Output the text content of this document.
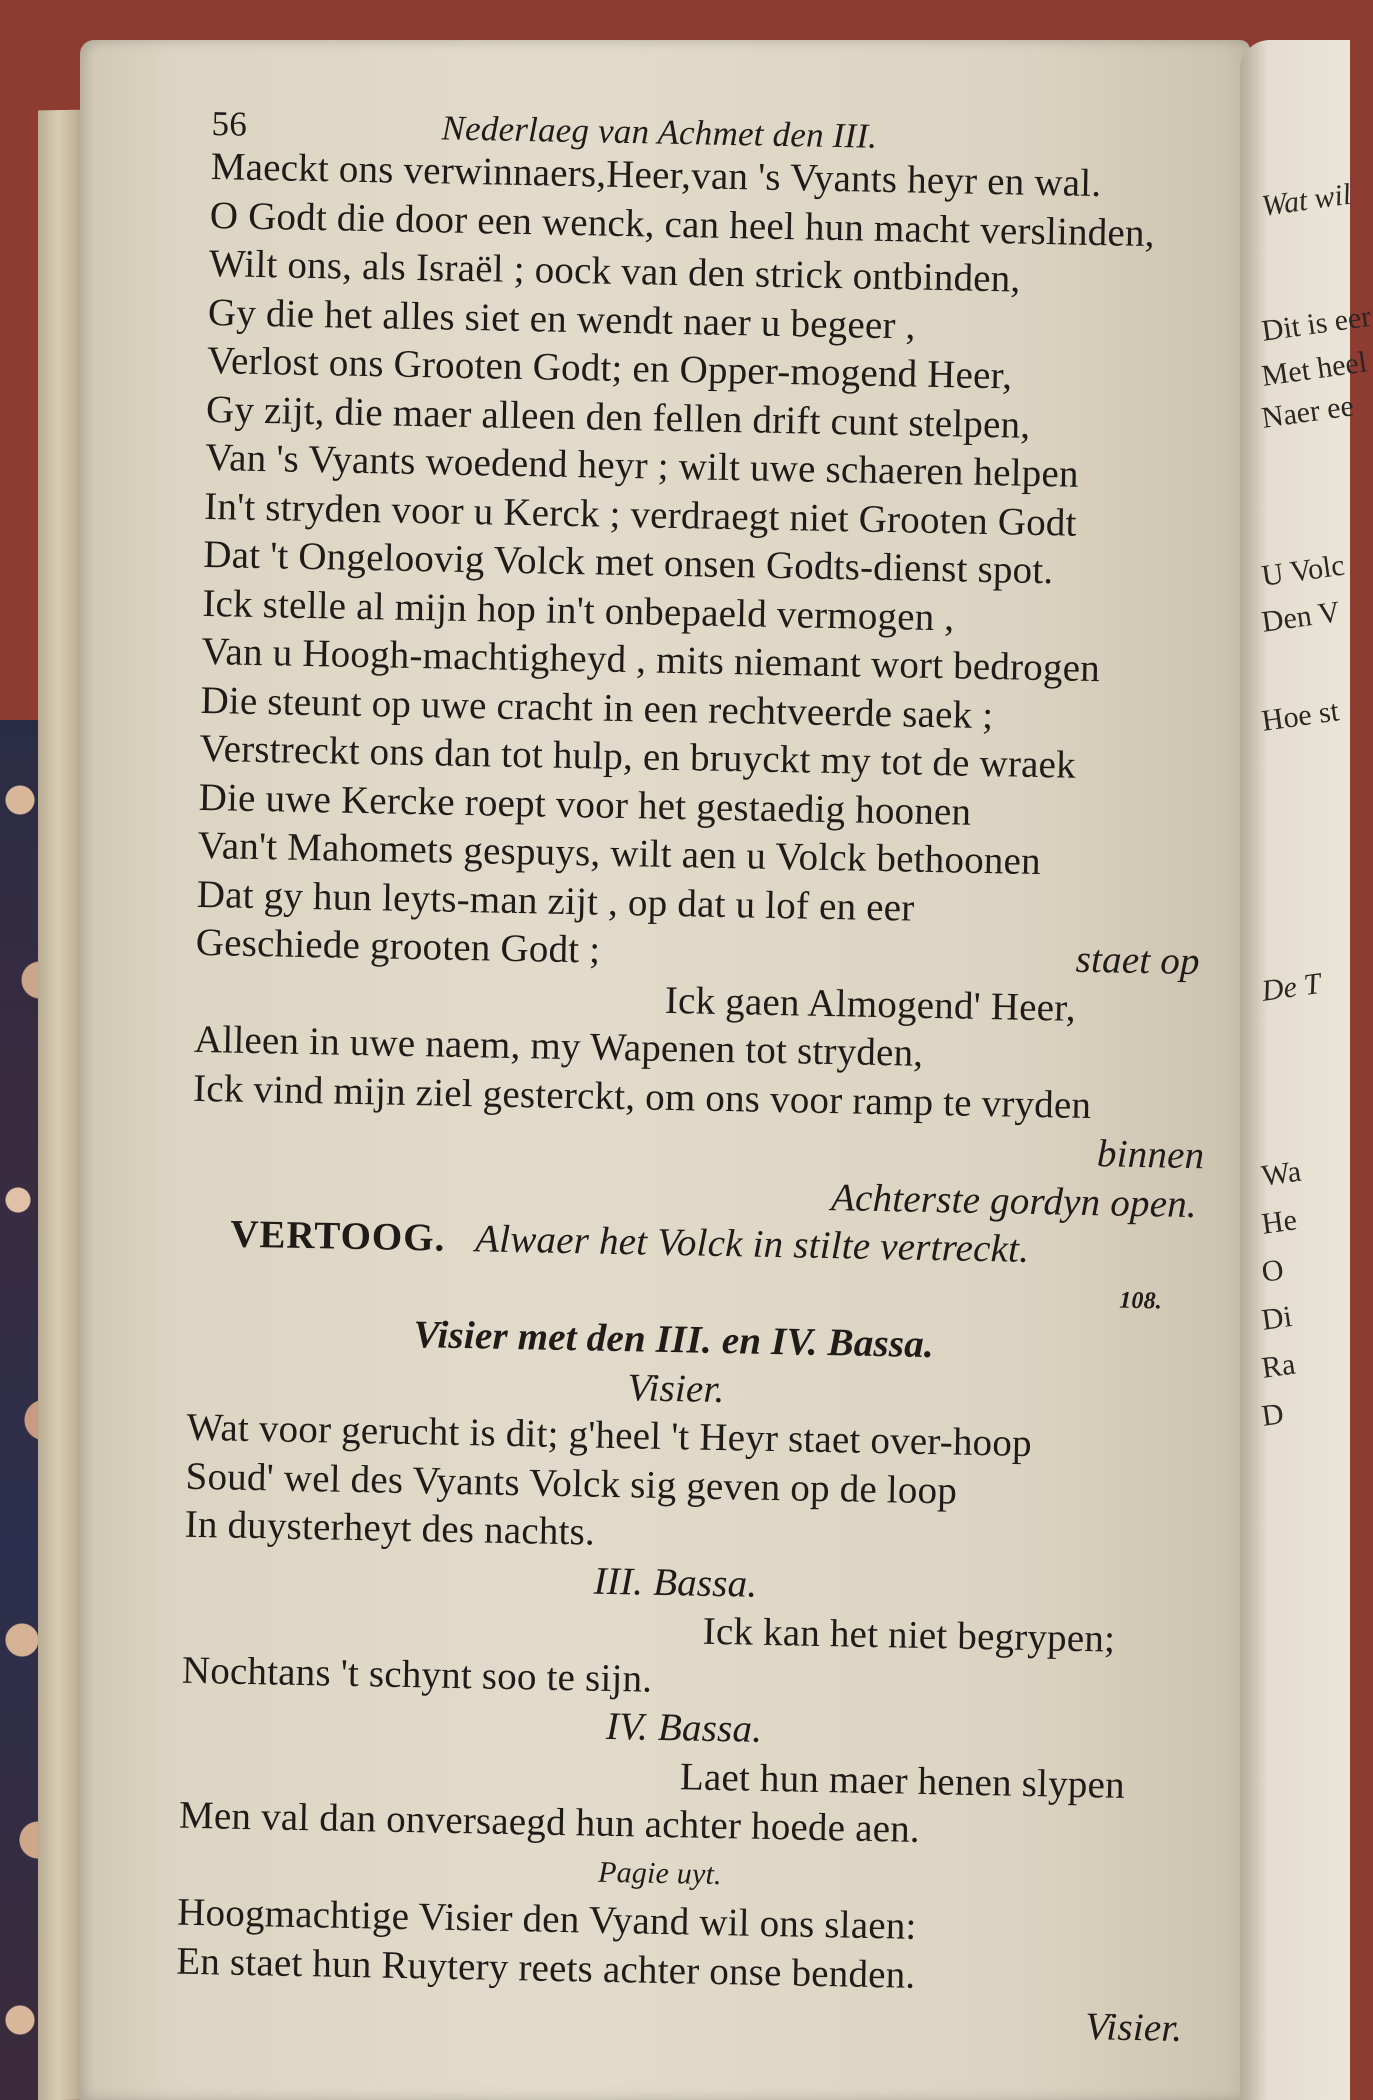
Wat wil
Dit is eer
Met heel
Naer ee
U Volc
Den V
Hoe st
De T
Wa
He
O
Di
Ra
D
56	Nederlaeg van Achmet den III.
Maeckt ons verwinnaers,Heer,van 's Vyants heyr en wal.
O Godt die door een wenck, can heel hun macht verslinden,
Wilt ons, als Israël ; oock van den strick ontbinden,
Gy die het alles siet en wendt naer u begeer ,
Verlost ons Grooten Godt; en Opper-mogend Heer,
Gy zijt, die maer alleen den fellen drift cunt stelpen,
Van 's Vyants woedend heyr ; wilt uwe schaeren helpen
In't stryden voor u Kerck ; verdraegt niet Grooten Godt
Dat 't Ongeloovig Volck met onsen Godts-dienst spot.
Ick stelle al mijn hop in't onbepaeld vermogen ,
Van u Hoogh-machtigheyd , mits niemant wort bedrogen
Die steunt op uwe cracht in een rechtveerde saek ;
Verstreckt ons dan tot hulp, en bruyckt my tot de wraek
Die uwe Kercke roept voor het gestaedig hoonen
Van't Mahomets gespuys, wilt aen u Volck bethoonen
Dat gy hun leyts-man zijt , op dat u lof en eer
Geschiede grooten Godt ;	staet op
Ick gaen Almogend' Heer,
Alleen in uwe naem, my Wapenen tot stryden,
Ick vind mijn ziel gesterckt, om ons voor ramp te vryden
binnen
Achterste gordyn open.
VERTOOG. Alwaer het Volck in stilte vertreckt.
108.
Visier met den III. en IV. Bassa.
Visier.
Wat voor gerucht is dit; g'heel 't Heyr staet over-hoop
Soud' wel des Vyants Volck sig geven op de loop
In duysterheyt des nachts.
III. Bassa.
Ick kan het niet begrypen;
Nochtans 't schynt soo te sijn.
IV. Bassa.
Laet hun maer henen slypen
Men val dan onversaegd hun achter hoede aen.
Pagie uyt.
Hoogmachtige Visier den Vyand wil ons slaen:
En staet hun Ruytery reets achter onse benden.
Visier.
